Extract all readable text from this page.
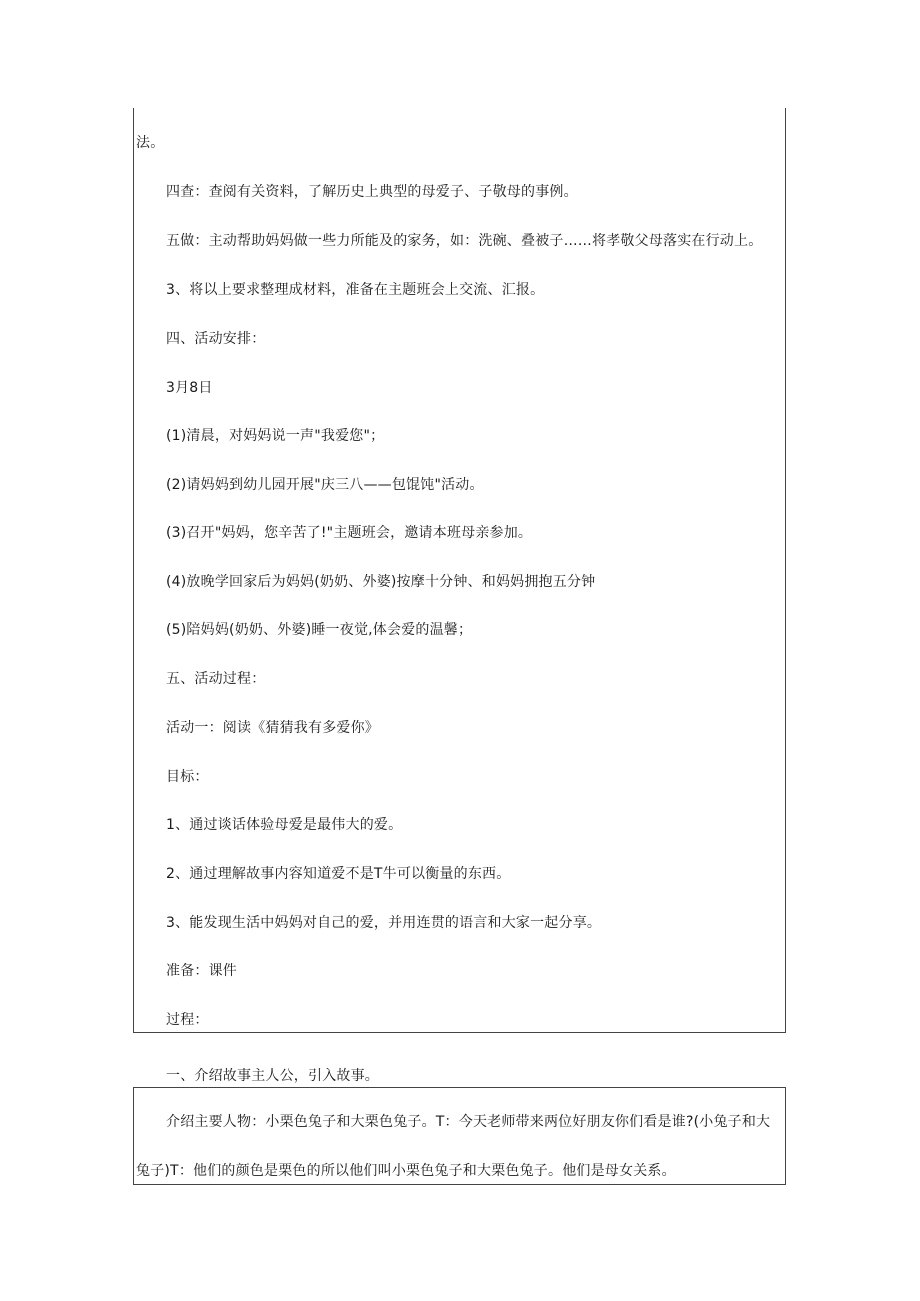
法。
四查：查阅有关资料，了解历史上典型的母爱子、子敬母的事例。
五做：主动帮助妈妈做一些力所能及的家务，如：洗碗、叠被子……将孝敬父母落实在行动上。
3、将以上要求整理成材料，准备在主题班会上交流、汇报。
四、活动安排：
3月8日
(1)清晨，对妈妈说一声"我爱您"；
(2)请妈妈到幼儿园开展"庆三八——包馄饨"活动。
(3)召开"妈妈，您辛苦了!"主题班会，邀请本班母亲参加。
(4)放晚学回家后为妈妈(奶奶、外婆)按摩十分钟、和妈妈拥抱五分钟
(5)陪妈妈(奶奶、外婆)睡一夜觉,体会爱的温馨；
五、活动过程：
活动一：阅读《猜猜我有多爱你》
目标：
1、通过谈话体验母爱是最伟大的爱。
2、通过理解故事内容知道爱不是T牛可以衡量的东西。
3、能发现生活中妈妈对自己的爱，并用连贯的语言和大家一起分享。
准备：课件
过程：
一、介绍故事主人公，引入故事。
介绍主要人物：小栗色兔子和大栗色兔子。T：今天老师带来两位好朋友你们看是谁?(小兔子和大
兔子)T：他们的颜色是栗色的所以他们叫小栗色兔子和大栗色兔子。他们是母女关系。
